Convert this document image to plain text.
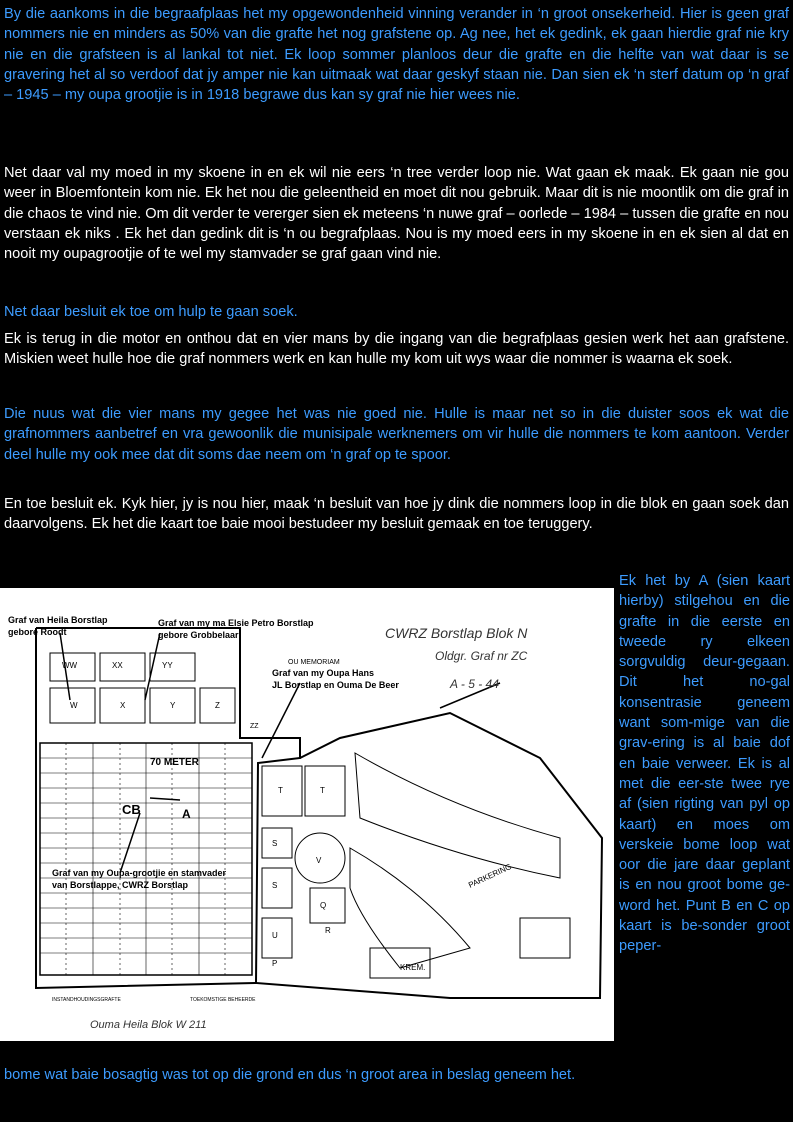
By die aankoms in die begraafplaas het my opgewondenheid vinning verander in ‘n groot onsekerheid. Hier is geen graf nommers nie en minders as 50% van die grafte het nog grafstene op. Ag nee, het ek gedink, ek gaan hierdie graf nie kry nie en die grafsteen is al lankal tot niet. Ek loop sommer planloos deur die grafte en die helfte van wat daar is se gravering het al so verdoof dat jy amper nie kan uitmaak wat daar geskyf staan nie. Dan sien ek ‘n sterf datum op ‘n graf – 1945 – my oupa grootjie is in 1918 begrawe dus kan sy graf nie hier wees nie.

Net daar val my moed in my skoene in en ek wil nie eers ‘n tree verder loop nie. Wat gaan ek maak. Ek gaan nie gou weer in Bloemfontein kom nie. Ek het nou die geleentheid en moet dit nou gebruik. Maar dit is nie moontlik om die graf in die chaos te vind nie. Om dit verder te vererger sien ek meteens ‘n nuwe graf – oorlede – 1984 – tussen die grafte en nou verstaan ek niks . Ek het dan gedink dit is ‘n ou begrafplaas. Nou is my moed eers in my skoene in en ek sien al dat en nooit my oupagrootjie of te wel my stamvader se graf gaan vind nie.

Net daar besluit ek toe om hulp te gaan soek.

Ek is terug in die motor en onthou dat en vier mans by die ingang van die begrafplaas gesien werk het aan grafstene. Miskien weet hulle hoe die graf nommers werk en kan hulle my kom uit wys waar die nommer is waarna ek soek.

Die nuus wat die vier mans my gegee het was nie goed nie. Hulle is maar net so in die duister soos ek wat die grafnommers aanbetref en vra gewoonlik die munisipale werknemers om vir hulle die nommers te kom aantoon. Verder deel hulle my ook mee dat dit soms dae neem om ‘n graf op te spoor.

En toe besluit ek. Kyk hier, jy is nou hier, maak ‘n besluit van hoe jy dink die nommers loop in die blok en gaan soek dan daarvolgens. Ek het die kaart toe baie mooi bestudeer my besluit gemaak en toe teruggery.

Graf van Heila Borstlap
gebore Roodt
Graf van my ma Elsie Petro Borstlap
gebore Grobbelaar
OU MEMORIAM
Graf van my Oupa Hans
JL Borstlap en Ouma De Beer
70 METER
CB	A
Graf van my Oupa-grootjie en stamvader
van Borstlappe, CWRZ Borstlap
CWRZ Borstlap Blok N
Oldgr. Graf nr ZC
A - 5 - 44
Ouma Heila Blok W 211
PARKERING
KREM.
INSTANDHOUDINGSGRAFTE	TOEKOMSTIGE BEHEERDE
WW	XX	YY
W	X	Y	Z
ZZ
T	T
S
S
V
Q
R
U
P

Ek het by A (sien kaart hierby) stilgehou en die grafte in die eerste en tweede ry elkeen sorgvuldig deur-gegaan. Dit het no-gal konsentrasie geneem want som-mige van die grav-ering is al baie dof en baie verweer. Ek is al met die eer-ste twee rye af (sien rigting van pyl op kaart) en moes om verskeie bome loop wat oor die jare daar geplant is en nou groot bome ge-word het. Punt B en C op kaart is be-sonder groot peper-

bome wat baie bosagtig was tot op die grond en dus ‘n groot area in beslag geneem het.
